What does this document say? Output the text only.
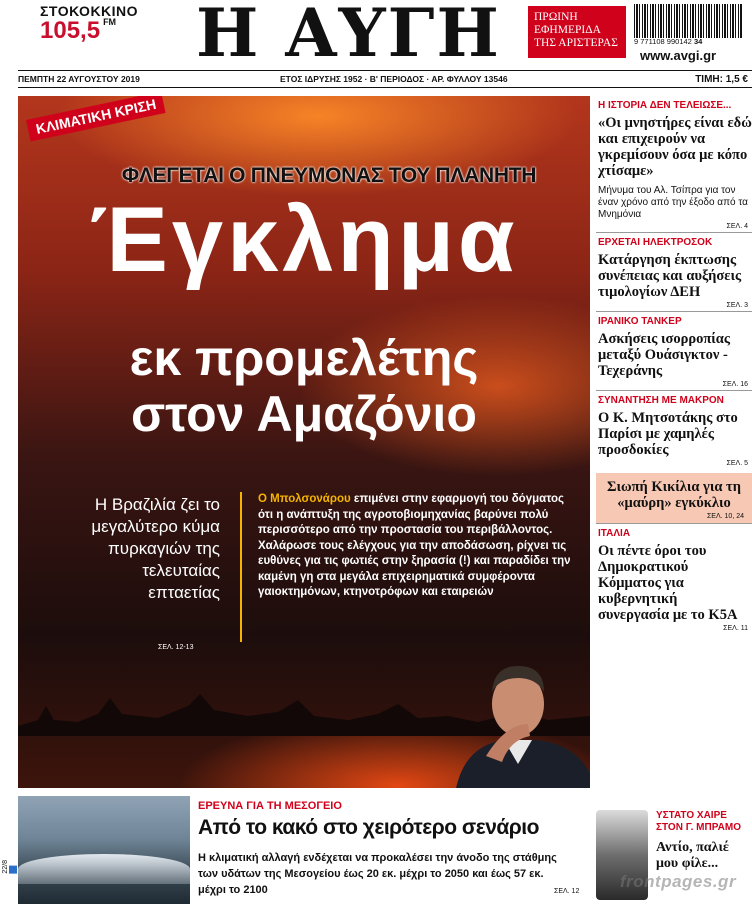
ΣΤΟΚΟΚΚΙΝΟ
105,5 $^{FM}$	Η ΑΥΓΗ	ΠΡΩΙΝΗ ΕΦΗΜΕΡΙΔΑ ΤΗΣ ΑΡΙΣΤΕΡΑΣ	9 771108 990142 34
www.avgi.gr
ΠΕΜΠΤΗ 22 ΑΥΓΟΥΣΤΟΥ 2019	ΕΤΟΣ ΙΔΡΥΣΗΣ 1952 · Β' ΠΕΡΙΟΔΟΣ · ΑΡ. ΦΥΛΛΟΥ 13546	ΤΙΜΗ: 1,5 €
ΚΛΙΜΑΤΙΚΗ ΚΡΙΣΗ
ΦΛΕΓΕΤΑΙ Ο ΠΝΕΥΜΟΝΑΣ ΤΟΥ ΠΛΑΝΗΤΗ
Έγκλημα
εκ προμελέτης
στον Αμαζόνιο
Η Βραζιλία ζει το μεγαλύτερο κύμα πυρκαγιών της τελευταίας επταετίας
ΣΕΛ. 12-13
Ο Μπολσονάρου επιμένει στην εφαρμογή του δόγματος ότι η ανάπτυξη της αγροτοβιομηχανίας βαρύνει πολύ περισσότερο από την προστασία του περιβάλλοντος. Χαλάρωσε τους ελέγχους για την αποδάσωση, ρίχνει τις ευθύνες για τις φωτιές στην ξηρασία (!) και παραδίδει την καμένη γη στα μεγάλα επιχειρηματικά συμφέροντα γαιοκτημόνων, κτηνοτρόφων και εταιρειών
ΕΡΕΥΝΑ ΓΙΑ ΤΗ ΜΕΣΟΓΕΙΟ
Από το κακό στο χειρότερο σενάριο
Η κλιματική αλλαγή ενδέχεται να προκαλέσει την άνοδο της στάθμης των υδάτων της Μεσογείου έως 20 εκ. μέχρι το 2050 και έως 57 εκ. μέχρι το 2100	ΣΕΛ. 12
22/8
Η ΙΣΤΟΡΙΑ ΔΕΝ ΤΕΛΕΙΩΣΕ...
«Οι μνηστήρες είναι εδώ και επιχειρούν να γκρεμίσουν όσα με κόπο χτίσαμε»
Μήνυμα του Αλ. Τσίπρα για τον έναν χρόνο από την έξοδο από τα Μνημόνια
ΣΕΛ. 4
ΕΡΧΕΤΑΙ ΗΛΕΚΤΡΟΣΟΚ
Κατάργηση έκπτωσης συνέπειας και αυξήσεις τιμολογίων ΔΕΗ
ΣΕΛ. 3
ΙΡΑΝΙΚΟ ΤΑΝΚΕΡ
Ασκήσεις ισορροπίας μεταξύ Ουάσιγκτον - Τεχεράνης
ΣΕΛ. 16
ΣΥΝΑΝΤΗΣΗ ΜΕ ΜΑΚΡΟΝ
Ο Κ. Μητσοτάκης στο Παρίσι με χαμηλές προσδοκίες
ΣΕΛ. 5
Σιωπή Κικίλια για τη «μαύρη» εγκύκλιο
ΣΕΛ. 10, 24
ΙΤΑΛΙΑ
Οι πέντε όροι του Δημοκρατικού Κόμματος για κυβερνητική συνεργασία με το Κ5Α
ΣΕΛ. 11
ΥΣΤΑΤΟ ΧΑΙΡΕ ΣΤΟΝ Γ. ΜΠΡΑΜΟ
Αντίο, παλιέ μου φίλε...
frontpages.gr
